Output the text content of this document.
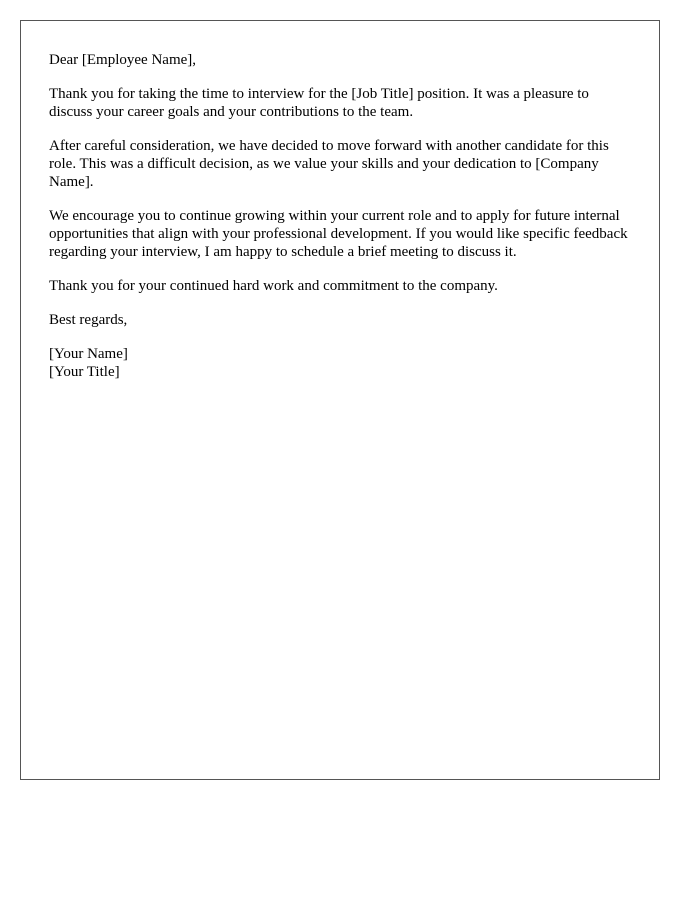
Dear [Employee Name],

Thank you for taking the time to interview for the [Job Title] position. It was a pleasure to discuss your career goals and your contributions to the team.

After careful consideration, we have decided to move forward with another candidate for this role. This was a difficult decision, as we value your skills and your dedication to [Company Name].

We encourage you to continue growing within your current role and to apply for future internal opportunities that align with your professional development. If you would like specific feedback regarding your interview, I am happy to schedule a brief meeting to discuss it.

Thank you for your continued hard work and commitment to the company.

Best regards,

[Your Name]
[Your Title]
